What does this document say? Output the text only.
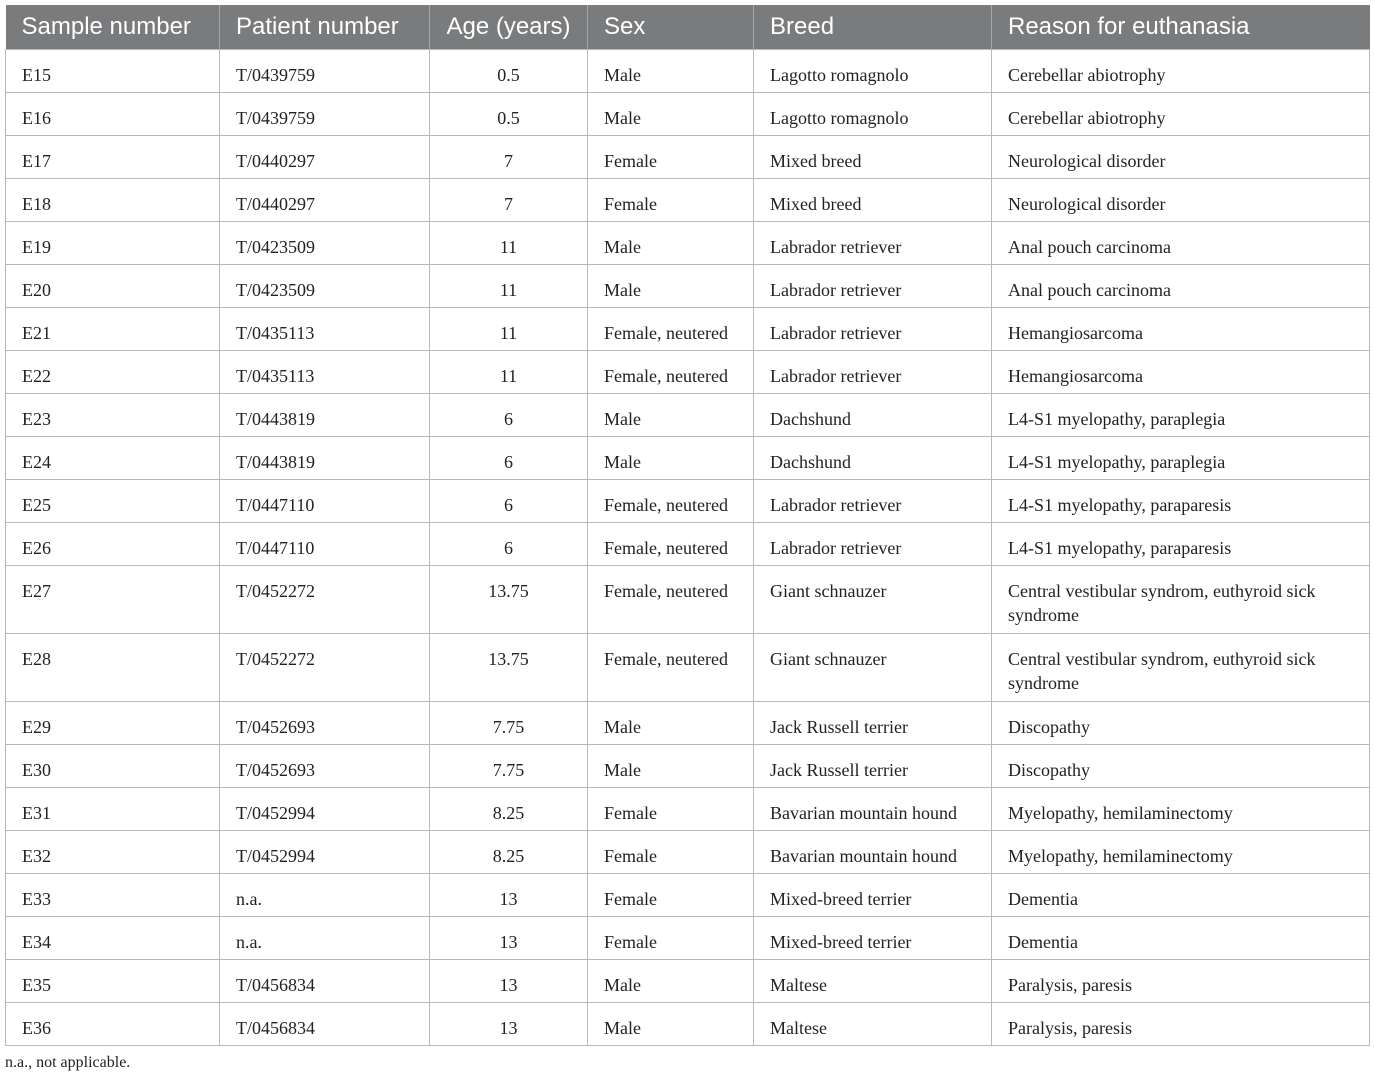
Sample number	Patient number	Age (years)	Sex	Breed	Reason for euthanasia
E15	T/0439759	0.5	Male	Lagotto romagnolo	Cerebellar abiotrophy
E16	T/0439759	0.5	Male	Lagotto romagnolo	Cerebellar abiotrophy
E17	T/0440297	7	Female	Mixed breed	Neurological disorder
E18	T/0440297	7	Female	Mixed breed	Neurological disorder
E19	T/0423509	11	Male	Labrador retriever	Anal pouch carcinoma
E20	T/0423509	11	Male	Labrador retriever	Anal pouch carcinoma
E21	T/0435113	11	Female, neutered	Labrador retriever	Hemangiosarcoma
E22	T/0435113	11	Female, neutered	Labrador retriever	Hemangiosarcoma
E23	T/0443819	6	Male	Dachshund	L4-S1 myelopathy, paraplegia
E24	T/0443819	6	Male	Dachshund	L4-S1 myelopathy, paraplegia
E25	T/0447110	6	Female, neutered	Labrador retriever	L4-S1 myelopathy, paraparesis
E26	T/0447110	6	Female, neutered	Labrador retriever	L4-S1 myelopathy, paraparesis
E27	T/0452272	13.75	Female, neutered	Giant schnauzer	Central vestibular syndrom, euthyroid sick syndrome
E28	T/0452272	13.75	Female, neutered	Giant schnauzer	Central vestibular syndrom, euthyroid sick syndrome
E29	T/0452693	7.75	Male	Jack Russell terrier	Discopathy
E30	T/0452693	7.75	Male	Jack Russell terrier	Discopathy
E31	T/0452994	8.25	Female	Bavarian mountain hound	Myelopathy, hemilaminectomy
E32	T/0452994	8.25	Female	Bavarian mountain hound	Myelopathy, hemilaminectomy
E33	n.a.	13	Female	Mixed-breed terrier	Dementia
E34	n.a.	13	Female	Mixed-breed terrier	Dementia
E35	T/0456834	13	Male	Maltese	Paralysis, paresis
E36	T/0456834	13	Male	Maltese	Paralysis, paresis
n.a., not applicable.
